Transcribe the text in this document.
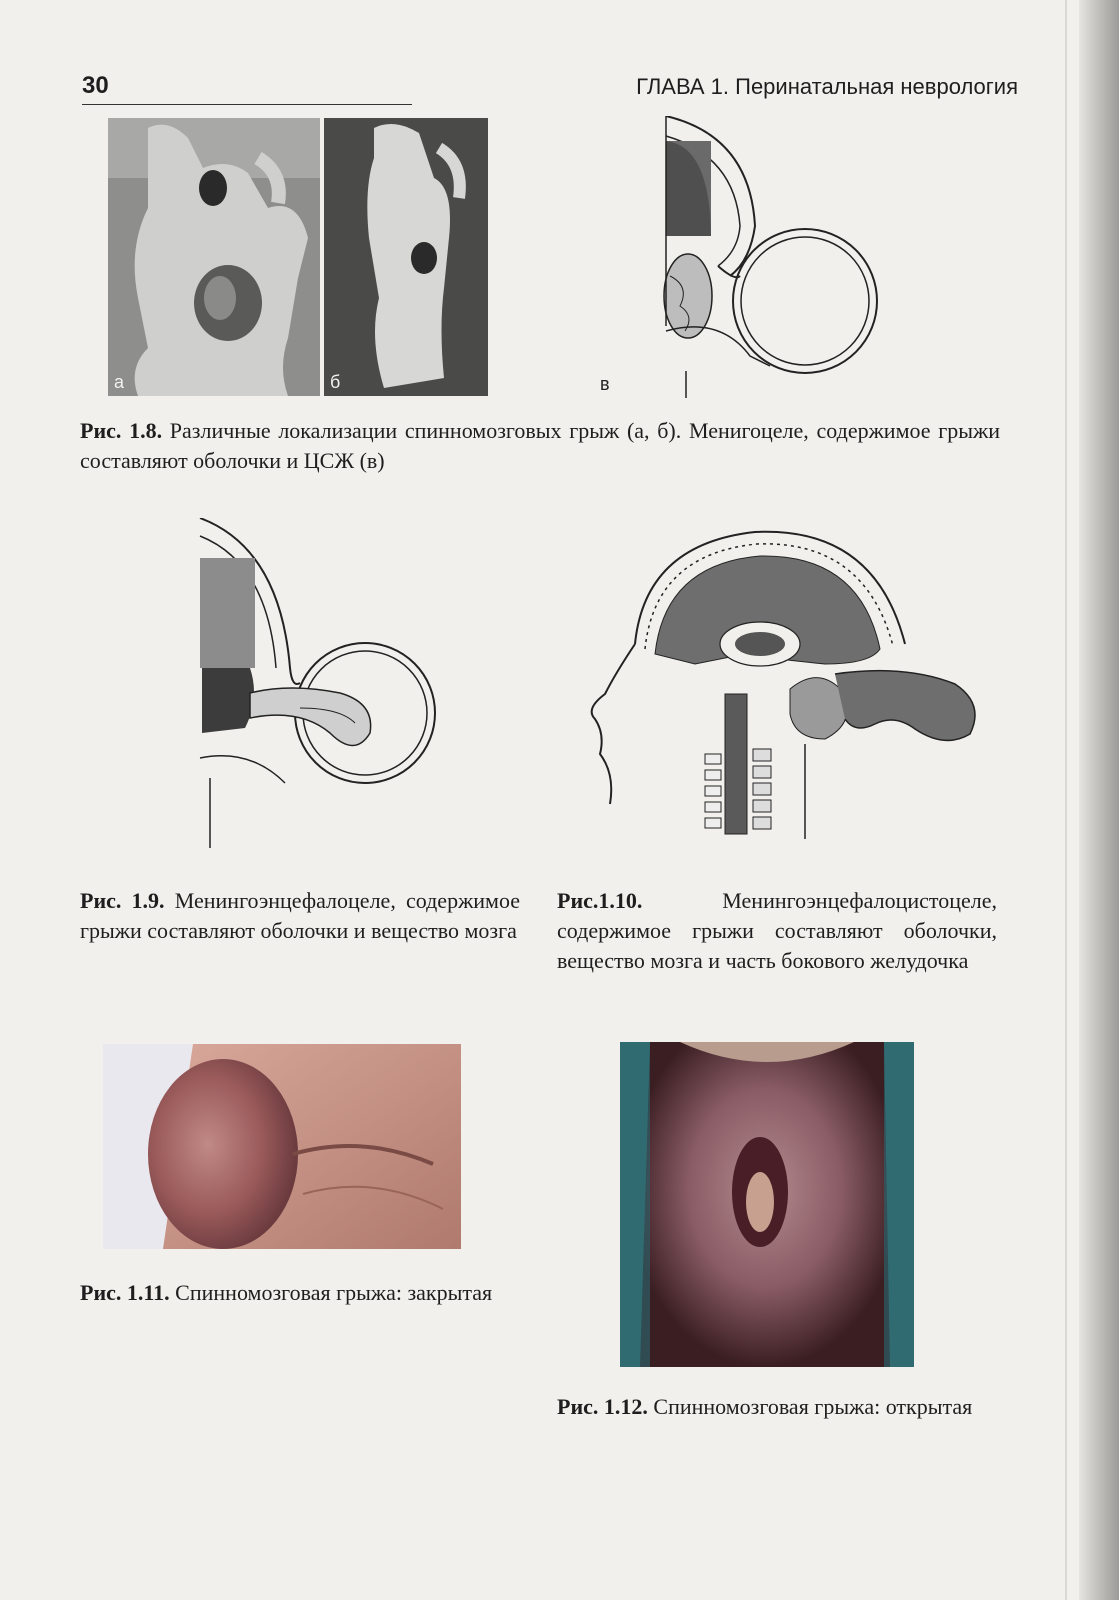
30	ГЛАВА 1. Перинатальная неврология
а	б	в
Рис. 1.8. Различные локализации спинномозговых грыж (а, б). Менигоцеле, содержимое грыжи составляют оболочки и ЦСЖ (в)
Рис. 1.9. Менингоэнцефалоцеле, содержимое грыжи составляют оболочки и вещество мозга
Рис.1.10.	Менингоэнцефалоцистоцеле, содержимое грыжи составляют оболочки, вещество мозга и часть бокового желудочка
Рис. 1.11. Спинномозговая грыжа: закрытая
Рис. 1.12. Спинномозговая грыжа: открытая
